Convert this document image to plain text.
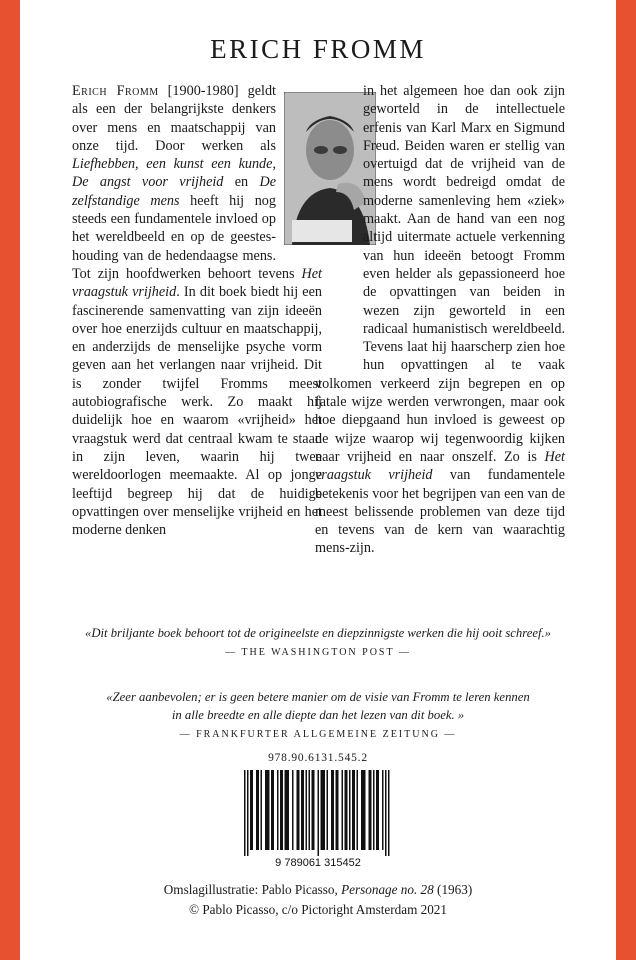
ERICH FROMM

Erich Fromm [1900-1980] geldt als een der belangrijkste denkers over mens en maatschappij van onze tijd. Door werken als Liefhebben, een kunst een kunde, De angst voor vrijheid en De zelfstandige mens heeft hij nog steeds een fundamentele invloed op het wereldbeeld en op de geesteshouding van de hedendaagse mens. Tot zijn hoofdwerken behoort tevens Het vraagstuk vrijheid. In dit boek biedt hij een fascinerende samenvatting van zijn ideeën over hoe enerzijds cultuur en maatschappij, en anderzijds de menselijke psyche vorm geven aan het verlangen naar vrijheid. Dit is zonder twijfel Fromms meest autobiografische werk. Zo maakt hij duidelijk hoe en waarom «vrijheid» het vraagstuk werd dat centraal kwam te staan in zijn leven, waarin hij twee wereldoorlogen meemaakte. Al op jonge leeftijd begreep hij dat de huidige opvattingen over menselijke vrijheid en het moderne denken

in het algemeen hoe dan ook zijn geworteld in de intellectuele erfenis van Karl Marx en Sigmund Freud. Beiden waren er stellig van overtuigd dat de vrijheid van de mens wordt bedreigd omdat de moderne samenleving hem «ziek» maakt. Aan de hand van een nog altijd uitermate actuele verkenning van hun ideeën betoogt Fromm even helder als gepassioneerd hoe de opvattingen van beiden in wezen zijn geworteld in een radicaal humanistisch wereldbeeld. Tevens laat hij haarscherp zien hoe hun opvattingen al te vaak volkomen verkeerd zijn begrepen en op fatale wijze werden verwrongen, maar ook hoe diepgaand hun invloed is geweest op de wijze waarop wij tegenwoordig kijken naar vrijheid en naar onszelf. Zo is Het vraagstuk vrijheid van fundamentele betekenis voor het begrijpen van een van de meest belissende problemen van deze tijd en tevens van de kern van waarachtig mens-zijn.

«Dit briljante boek behoort tot de origineelste en diepzinnigste werken die hij ooit schreef.»
— THE WASHINGTON POST —
«Zeer aanbevolen; er is geen betere manier om de visie van Fromm te leren kennen
in alle breedte en alle diepte dan het lezen van dit boek. »
— FRANKFURTER ALLGEMEINE ZEITUNG —
978.90.6131.545.2
9 789061 315452
Omslagillustratie: Pablo Picasso, Personage no. 28 (1963)
© Pablo Picasso, c/o Pictoright Amsterdam 2021
